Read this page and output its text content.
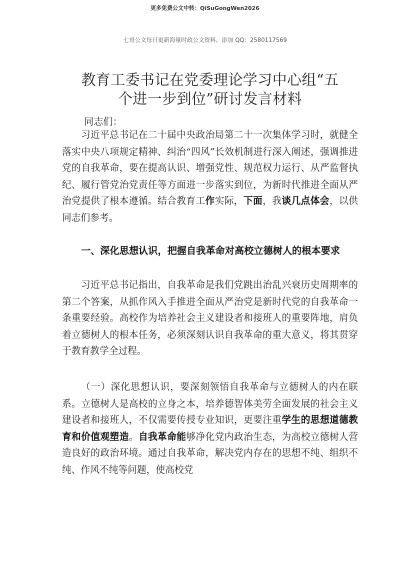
更多免费公文中转：QiSuGongWen2026
七哥公文每日更新海量时政公文资料，添加 QQ：2580117569
教育工委书记在党委理论学习中心组“五个进一步到位”研讨发言材料
同志们：
习近平总书记在二十届中央政治局第二十一次集体学习时，就健全落实中央八项规定精神、纠治“四风”长效机制进行深入阐述，强调推进党的自我革命，要在提高认识、增强党性、规范权力运行、从严监督执纪、履行管党治党责任等方面进一步落实到位，为新时代推进全面从严治党提供了根本遵循。结合教育工作实际，下面，我谈几点体会，以供同志们参考。
一、深化思想认识，把握自我革命对高校立德树人的根本要求
习近平总书记指出，自我革命是我们党跳出治乱兴衰历史周期率的第二个答案，从抓作风入手推进全面从严治党是新时代党的自我革命一条重要经验。高校作为培养社会主义建设者和接班人的重要阵地，肩负着立德树人的根本任务，必须深刻认识自我革命的重大意义，将其贯穿于教育教学全过程。
（一）深化思想认识，要深刻领悟自我革命与立德树人的内在联系。立德树人是高校的立身之本，培养德智体美劳全面发展的社会主义建设者和接班人，不仅需要传授专业知识，更要注重学生的思想道德教育和价值观塑造。自我革命能够净化党内政治生态，为高校立德树人营造良好的政治环境。通过自我革命，解决党内存在的思想不纯、组织不纯、作风不纯等问题，使高校党
